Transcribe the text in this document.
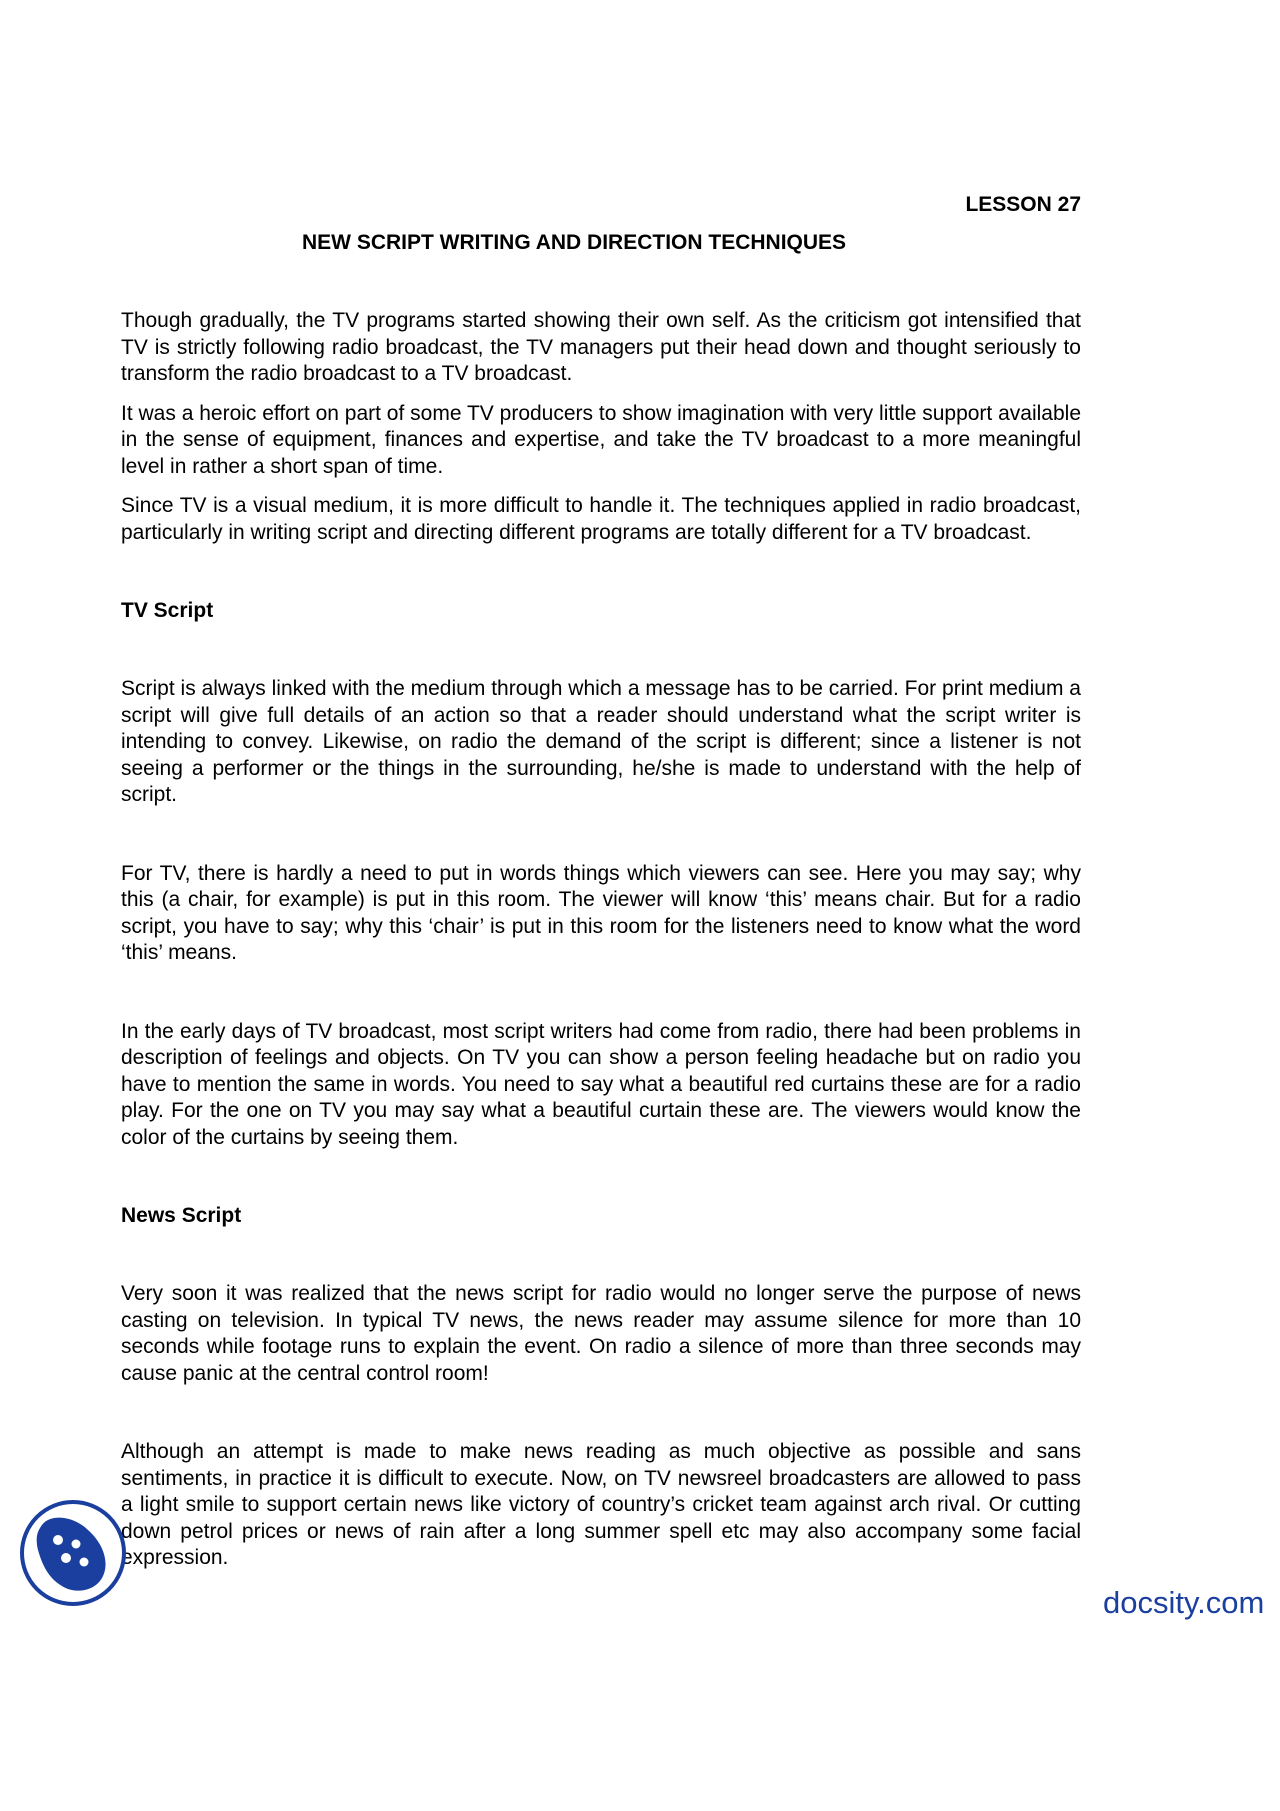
LESSON 27

NEW SCRIPT WRITING AND DIRECTION TECHNIQUES

Though gradually, the TV programs started showing their own self. As the criticism got intensified that TV is strictly following radio broadcast, the TV managers put their head down and thought seriously to transform the radio broadcast to a TV broadcast.

It was a heroic effort on part of some TV producers to show imagination with very little support available in the sense of equipment, finances and expertise, and take the TV broadcast to a more meaningful level in rather a short span of time.

Since TV is a visual medium, it is more difficult to handle it. The techniques applied in radio broadcast, particularly in writing script and directing different programs are totally different for a TV broadcast.

TV Script

Script is always linked with the medium through which a message has to be carried. For print medium a script will give full details of an action so that a reader should understand what the script writer is intending to convey. Likewise, on radio the demand of the script is different; since a listener is not seeing a performer or the things in the surrounding, he/she is made to understand with the help of script.

For TV, there is hardly a need to put in words things which viewers can see. Here you may say; why this (a chair, for example) is put in this room. The viewer will know ‘this’ means chair. But for a radio script, you have to say; why this ‘chair’ is put in this room for the listeners need to know what the word ‘this’ means.

In the early days of TV broadcast, most script writers had come from radio, there had been problems in description of feelings and objects. On TV you can show a person feeling headache but on radio you have to mention the same in words. You need to say what a beautiful red curtains these are for a radio play. For the one on TV you may say what a beautiful curtain these are. The viewers would know the color of the curtains by seeing them.

News Script

Very soon it was realized that the news script for radio would no longer serve the purpose of news casting on television. In typical TV news, the news reader may assume silence for more than 10 seconds while footage runs to explain the event. On radio a silence of more than three seconds may cause panic at the central control room!

Although an attempt is made to make news reading as much objective as possible and sans sentiments, in practice it is difficult to execute. Now, on TV newsreel broadcasters are allowed to pass a light smile to support certain news like victory of country’s cricket team against arch rival. Or cutting down petrol prices or news of rain after a long summer spell etc may also accompany some facial expression.

docsity.com
